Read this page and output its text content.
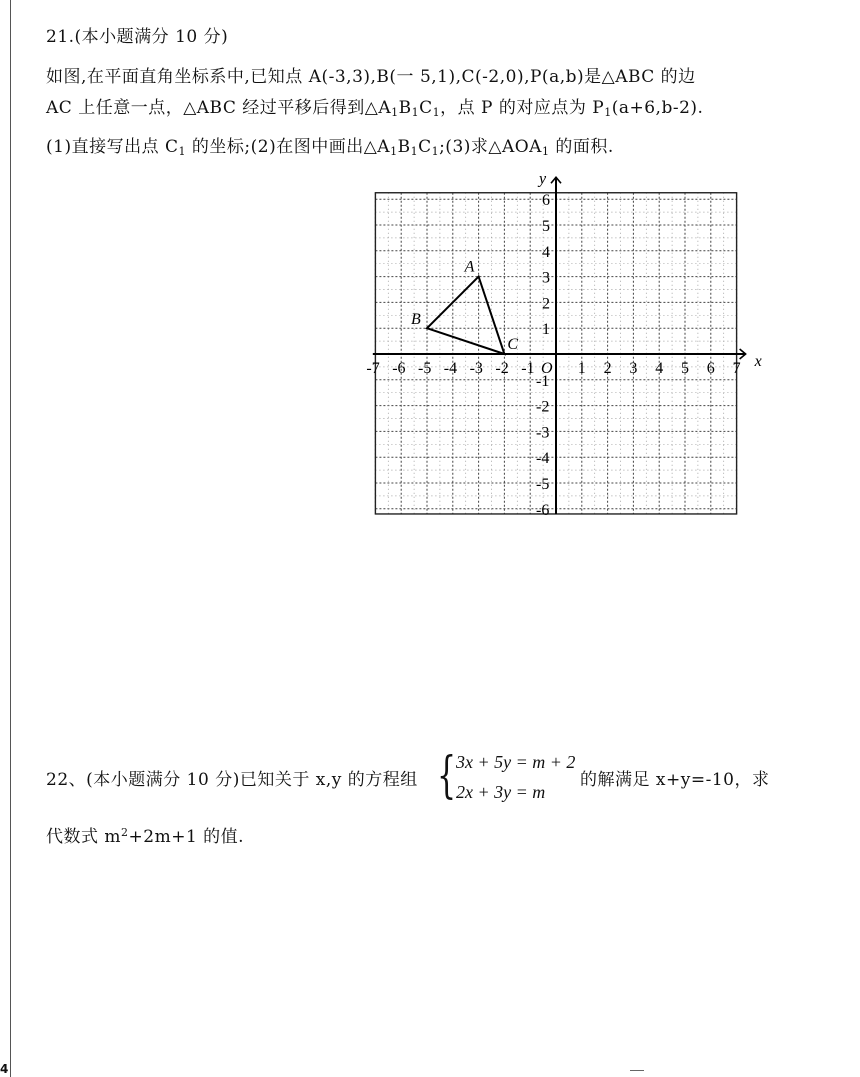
21.(本小题满分 10 分)
如图,在平面直角坐标系中,已知点 A(-3,3),B(一 5,1),C(-2,0),P(a,b)是△ABC 的边
AC 上任意一点，△ABC 经过平移后得到$\triangle A_1B_1C_1$，点 P 的对应点为 $P_1(a+6,b-2)$.
(1)直接写出点 $C_1$ 的坐标;(2)在图中画出$\triangle A_1B_1C_1;(3)$求$\triangle AOA_1$ 的面积.
x
y
-7 -6 -5 -4 -3 -2 -1	1 2 3 4 5 6 7
O
6
5
4
3
2
1
-1
-2
-3
-4
-5
-6
A
B
C
22、(本小题满分 10 分)已知关于 x,y 的方程组 { 3x + 5y = m + 2
2x + 3y = m
的解满足 x+y=-10，求
代数式 $m^2+2m+1$ 的值.
4
